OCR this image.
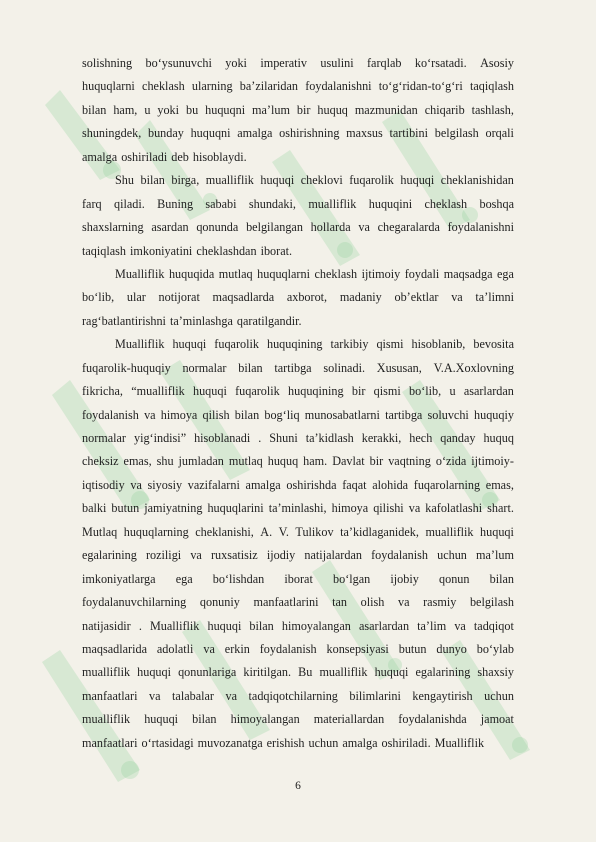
solishning bo‘ysunuvchi yoki imperativ usulini farqlab ko‘rsatadi. Asosiy
huquqlarni cheklash ularning ba’zilaridan foydalanishni to‘g‘ridan-to‘g‘ri taqiqlash
bilan ham, u yoki bu huquqni ma’lum bir huquq mazmunidan chiqarib tashlash,
shuningdek, bunday huquqni amalga oshirishning maxsus tartibini belgilash orqali
amalga oshiriladi deb hisoblaydi.
Shu bilan birga, mualliflik huquqi cheklovi fuqarolik huquqi cheklanishidan
farq qiladi. Buning sababi shundaki, mualliflik huquqini cheklash boshqa
shaxslarning asardan qonunda belgilangan hollarda va chegaralarda foydalanishni
taqiqlash imkoniyatini cheklashdan iborat.
Mualliflik huquqida mutlaq huquqlarni cheklash ijtimoiy foydali maqsadga ega
bo‘lib, ular notijorat maqsadlarda axborot, madaniy ob’ektlar va ta’limni
rag‘batlantirishni ta’minlashga qaratilgandir.
Mualliflik huquqi fuqarolik huquqining tarkibiy qismi hisoblanib, bevosita
fuqarolik-huquqiy normalar bilan tartibga solinadi. Xususan, V.A.Xoxlovning
fikricha, “mualliflik huquqi fuqarolik huquqining bir qismi bo‘lib, u asarlardan
foydalanish va himoya qilish bilan bog‘liq munosabatlarni tartibga soluvchi huquqiy
normalar yig‘indisi” hisoblanadi . Shuni ta’kidlash kerakki, hech qanday huquq
cheksiz emas, shu jumladan mutlaq huquq ham. Davlat bir vaqtning o‘zida ijtimoiy-
iqtisodiy va siyosiy vazifalarni amalga oshirishda faqat alohida fuqarolarning emas,
balki butun jamiyatning huquqlarini ta’minlashi, himoya qilishi va kafolatlashi shart.
Mutlaq huquqlarning cheklanishi, A. V. Tulikov ta’kidlaganidek, mualliflik huquqi
egalarining roziligi va ruxsatisiz ijodiy natijalardan foydalanish uchun ma’lum
imkoniyatlarga ega bo‘lishdan iborat bo‘lgan ijobiy qonun bilan
foydalanuvchilarning qonuniy manfaatlarini tan olish va rasmiy belgilash
natijasidir . Mualliflik huquqi bilan himoyalangan asarlardan ta’lim va tadqiqot
maqsadlarida adolatli va erkin foydalanish konsepsiyasi butun dunyo bo‘ylab
mualliflik huquqi qonunlariga kiritilgan. Bu mualliflik huquqi egalarining shaxsiy
manfaatlari va talabalar va tadqiqotchilarning bilimlarini kengaytirish uchun
mualliflik huquqi bilan himoyalangan materiallardan foydalanishda jamoat
manfaatlari o‘rtasidagi muvozanatga erishish uchun amalga oshiriladi. Mualliflik
6
